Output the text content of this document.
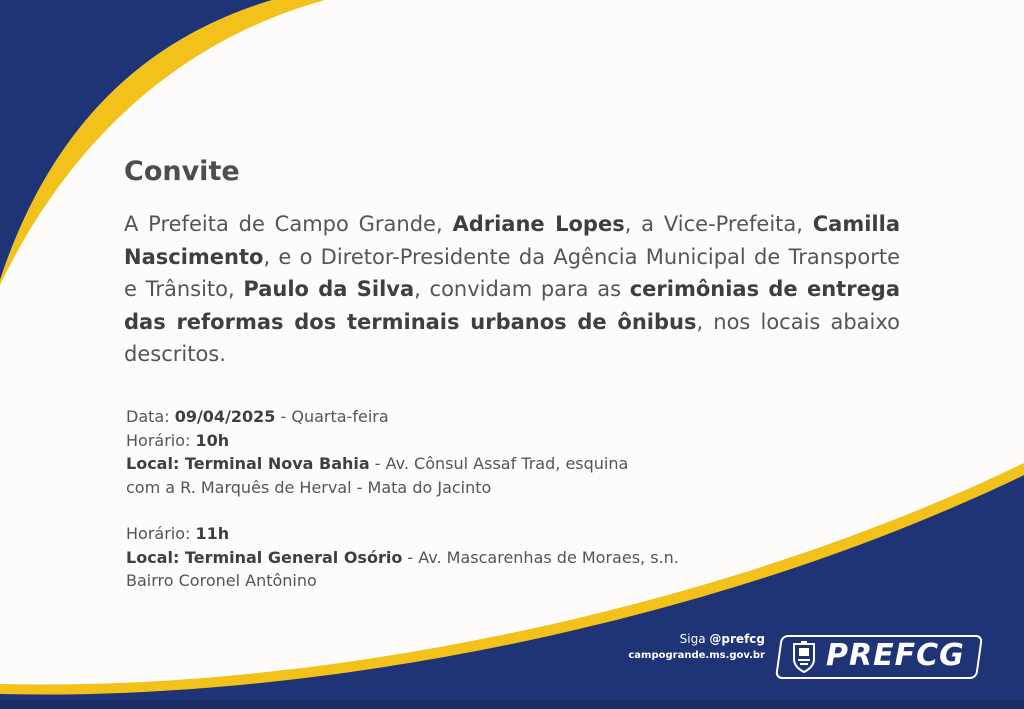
Convite
A Prefeita de Campo Grande, Adriane Lopes, a Vice-Prefeita, Camilla Nascimento, e o Diretor-Presidente da Agência Municipal de Transporte e Trânsito, Paulo da Silva, convidam para as cerimônias de entrega das reformas dos terminais urbanos de ônibus, nos locais abaixo descritos.
Data: 09/04/2025 - Quarta-feira
Horário: 10h
Local: Terminal Nova Bahia - Av. Cônsul Assaf Trad, esquina
com a R. Marquês de Herval - Mata do Jacinto
Horário: 11h
Local: Terminal General Osório - Av. Mascarenhas de Moraes, s.n.
Bairro Coronel Antônino
Siga @prefcg
campogrande.ms.gov.br PREFCG
